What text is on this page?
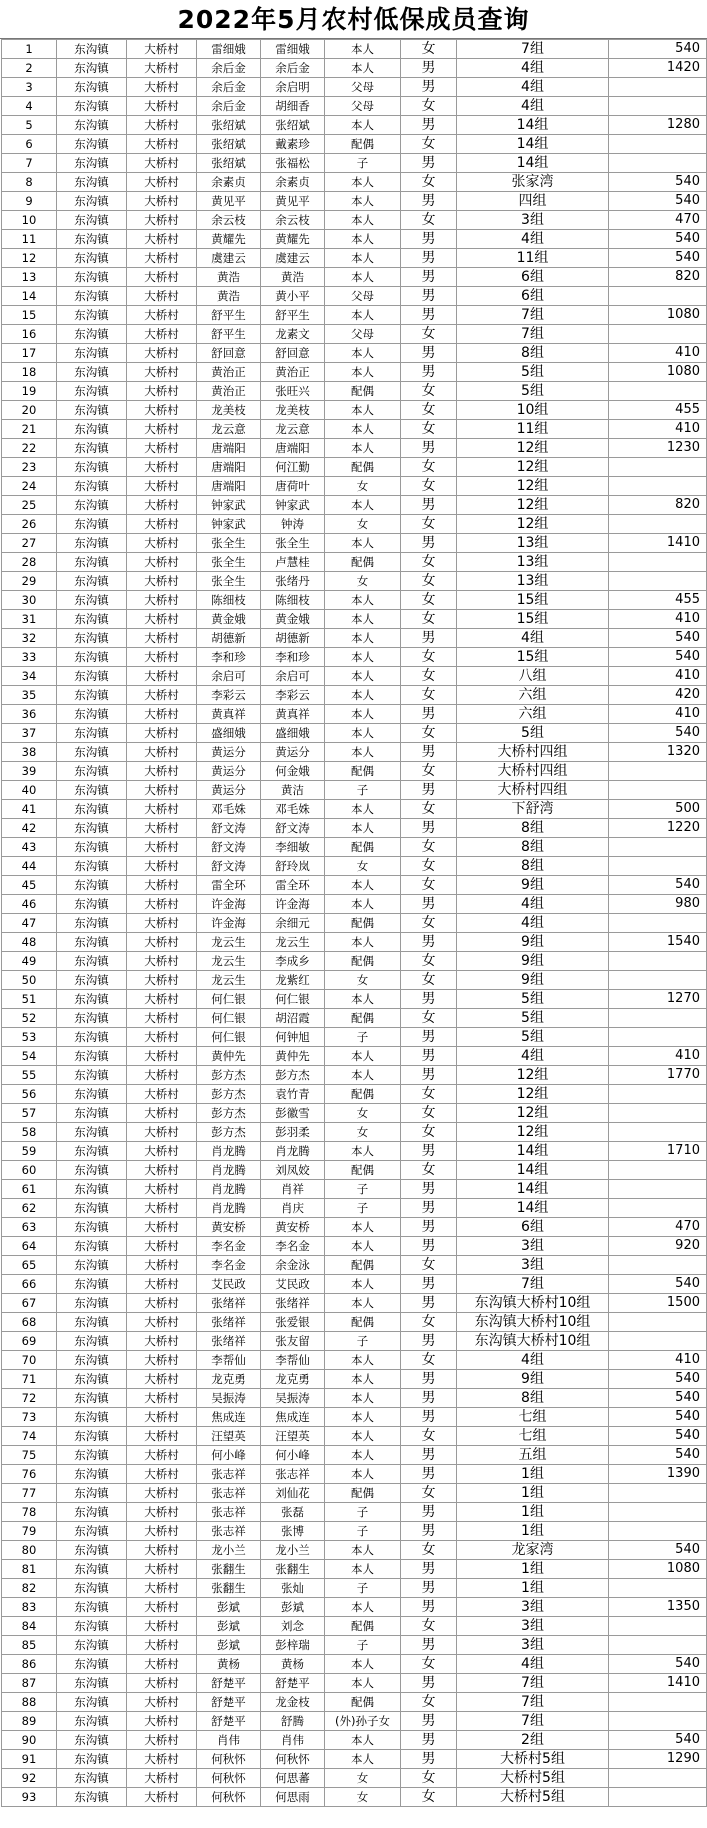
2022年5月农村低保成员查询
1	东沟镇	大桥村	雷细娥	雷细娥	本人	女	7组	540
2	东沟镇	大桥村	余后金	余后金	本人	男	4组	1420
3	东沟镇	大桥村	余后金	余启明	父母	男	4组	
4	东沟镇	大桥村	余后金	胡细香	父母	女	4组	
5	东沟镇	大桥村	张绍斌	张绍斌	本人	男	14组	1280
6	东沟镇	大桥村	张绍斌	戴素珍	配偶	女	14组	
7	东沟镇	大桥村	张绍斌	张福松	子	男	14组	
8	东沟镇	大桥村	余素贞	余素贞	本人	女	张家湾	540
9	东沟镇	大桥村	黄见平	黄见平	本人	男	四组	540
10	东沟镇	大桥村	余云枝	余云枝	本人	女	3组	470
11	东沟镇	大桥村	黄耀先	黄耀先	本人	男	4组	540
12	东沟镇	大桥村	虞建云	虞建云	本人	男	11组	540
13	东沟镇	大桥村	黄浩	黄浩	本人	男	6组	820
14	东沟镇	大桥村	黄浩	黄小平	父母	男	6组	
15	东沟镇	大桥村	舒平生	舒平生	本人	男	7组	1080
16	东沟镇	大桥村	舒平生	龙素文	父母	女	7组	
17	东沟镇	大桥村	舒回意	舒回意	本人	男	8组	410
18	东沟镇	大桥村	黄治正	黄治正	本人	男	5组	1080
19	东沟镇	大桥村	黄治正	张旺兴	配偶	女	5组	
20	东沟镇	大桥村	龙美枝	龙美枝	本人	女	10组	455
21	东沟镇	大桥村	龙云意	龙云意	本人	女	11组	410
22	东沟镇	大桥村	唐端阳	唐端阳	本人	男	12组	1230
23	东沟镇	大桥村	唐端阳	何江勤	配偶	女	12组	
24	东沟镇	大桥村	唐端阳	唐荷叶	女	女	12组	
25	东沟镇	大桥村	钟家武	钟家武	本人	男	12组	820
26	东沟镇	大桥村	钟家武	钟涛	女	女	12组	
27	东沟镇	大桥村	张全生	张全生	本人	男	13组	1410
28	东沟镇	大桥村	张全生	卢慧桂	配偶	女	13组	
29	东沟镇	大桥村	张全生	张绪丹	女	女	13组	
30	东沟镇	大桥村	陈细枝	陈细枝	本人	女	15组	455
31	东沟镇	大桥村	黄金娥	黄金娥	本人	女	15组	410
32	东沟镇	大桥村	胡德新	胡德新	本人	男	4组	540
33	东沟镇	大桥村	李和珍	李和珍	本人	女	15组	540
34	东沟镇	大桥村	余启可	余启可	本人	女	八组	410
35	东沟镇	大桥村	李彩云	李彩云	本人	女	六组	420
36	东沟镇	大桥村	黄真祥	黄真祥	本人	男	六组	410
37	东沟镇	大桥村	盛细娥	盛细娥	本人	女	5组	540
38	东沟镇	大桥村	黄运分	黄运分	本人	男	大桥村四组	1320
39	东沟镇	大桥村	黄运分	何金娥	配偶	女	大桥村四组	
40	东沟镇	大桥村	黄运分	黄洁	子	男	大桥村四组	
41	东沟镇	大桥村	邓毛姝	邓毛姝	本人	女	下舒湾	500
42	东沟镇	大桥村	舒文涛	舒文涛	本人	男	8组	1220
43	东沟镇	大桥村	舒文涛	李细敏	配偶	女	8组	
44	东沟镇	大桥村	舒文涛	舒玲岚	女	女	8组	
45	东沟镇	大桥村	雷全环	雷全环	本人	女	9组	540
46	东沟镇	大桥村	许金海	许金海	本人	男	4组	980
47	东沟镇	大桥村	许金海	余细元	配偶	女	4组	
48	东沟镇	大桥村	龙云生	龙云生	本人	男	9组	1540
49	东沟镇	大桥村	龙云生	李成乡	配偶	女	9组	
50	东沟镇	大桥村	龙云生	龙紫红	女	女	9组	
51	东沟镇	大桥村	何仁银	何仁银	本人	男	5组	1270
52	东沟镇	大桥村	何仁银	胡沼霞	配偶	女	5组	
53	东沟镇	大桥村	何仁银	何钟旭	子	男	5组	
54	东沟镇	大桥村	黄仲先	黄仲先	本人	男	4组	410
55	东沟镇	大桥村	彭方杰	彭方杰	本人	男	12组	1770
56	东沟镇	大桥村	彭方杰	袁竹青	配偶	女	12组	
57	东沟镇	大桥村	彭方杰	彭徽雪	女	女	12组	
58	东沟镇	大桥村	彭方杰	彭羽柔	女	女	12组	
59	东沟镇	大桥村	肖龙腾	肖龙腾	本人	男	14组	1710
60	东沟镇	大桥村	肖龙腾	刘凤姣	配偶	女	14组	
61	东沟镇	大桥村	肖龙腾	肖祥	子	男	14组	
62	东沟镇	大桥村	肖龙腾	肖庆	子	男	14组	
63	东沟镇	大桥村	黄安桥	黄安桥	本人	男	6组	470
64	东沟镇	大桥村	李名金	李名金	本人	男	3组	920
65	东沟镇	大桥村	李名金	余金泳	配偶	女	3组	
66	东沟镇	大桥村	艾民政	艾民政	本人	男	7组	540
67	东沟镇	大桥村	张绪祥	张绪祥	本人	男	东沟镇大桥村10组	1500
68	东沟镇	大桥村	张绪祥	张爱银	配偶	女	东沟镇大桥村10组	
69	东沟镇	大桥村	张绪祥	张友留	子	男	东沟镇大桥村10组	
70	东沟镇	大桥村	李帮仙	李帮仙	本人	女	4组	410
71	东沟镇	大桥村	龙克勇	龙克勇	本人	男	9组	540
72	东沟镇	大桥村	吴振涛	吴振涛	本人	男	8组	540
73	东沟镇	大桥村	焦成连	焦成连	本人	男	七组	540
74	东沟镇	大桥村	汪望英	汪望英	本人	女	七组	540
75	东沟镇	大桥村	何小峰	何小峰	本人	男	五组	540
76	东沟镇	大桥村	张志祥	张志祥	本人	男	1组	1390
77	东沟镇	大桥村	张志祥	刘仙花	配偶	女	1组	
78	东沟镇	大桥村	张志祥	张磊	子	男	1组	
79	东沟镇	大桥村	张志祥	张博	子	男	1组	
80	东沟镇	大桥村	龙小兰	龙小兰	本人	女	龙家湾	540
81	东沟镇	大桥村	张翻生	张翻生	本人	男	1组	1080
82	东沟镇	大桥村	张翻生	张灿	子	男	1组	
83	东沟镇	大桥村	彭斌	彭斌	本人	男	3组	1350
84	东沟镇	大桥村	彭斌	刘念	配偶	女	3组	
85	东沟镇	大桥村	彭斌	彭梓瑞	子	男	3组	
86	东沟镇	大桥村	黄杨	黄杨	本人	女	4组	540
87	东沟镇	大桥村	舒楚平	舒楚平	本人	男	7组	1410
88	东沟镇	大桥村	舒楚平	龙金枝	配偶	女	7组	
89	东沟镇	大桥村	舒楚平	舒腾	(外)孙子女	男	7组	
90	东沟镇	大桥村	肖伟	肖伟	本人	男	2组	540
91	东沟镇	大桥村	何秋怀	何秋怀	本人	男	大桥村5组	1290
92	东沟镇	大桥村	何秋怀	何思蕃	女	女	大桥村5组	
93	东沟镇	大桥村	何秋怀	何思雨	女	女	大桥村5组	
